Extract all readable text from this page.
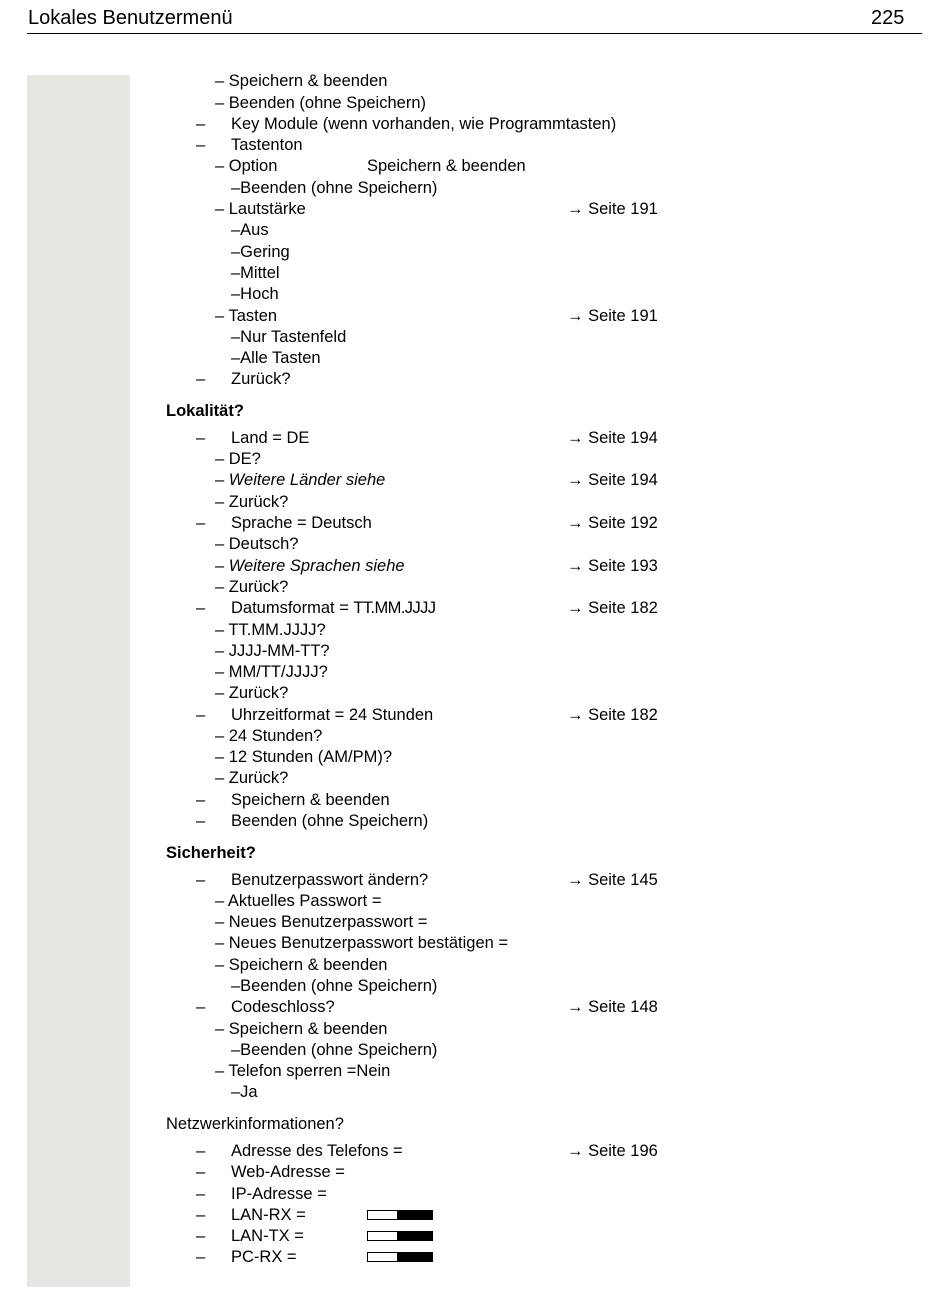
Lokales Benutzermenü	225
– Speichern & beenden
– Beenden (ohne Speichern)
– Key Module (wenn vorhanden, wie Programmtasten)
– Tastenton
– Option	Speichern & beenden
–Beenden (ohne Speichern)
– Lautstärke	→ Seite 191
–Aus
–Gering
–Mittel
–Hoch
– Tasten	→ Seite 191
–Nur Tastenfeld
–Alle Tasten
– Zurück?
Lokalität?
– Land = DE	→ Seite 194
– DE?
– Weitere Länder siehe	→ Seite 194
– Zurück?
– Sprache = Deutsch	→ Seite 192
– Deutsch?
– Weitere Sprachen siehe	→ Seite 193
– Zurück?
– Datumsformat = TT.MM.JJJJ	→ Seite 182
– TT.MM.JJJJ?
– JJJJ-MM-TT?
– MM/TT/JJJJ?
– Zurück?
– Uhrzeitformat = 24 Stunden	→ Seite 182
– 24 Stunden?
– 12 Stunden (AM/PM)?
– Zurück?
– Speichern & beenden
– Beenden (ohne Speichern)
Sicherheit?
– Benutzerpasswort ändern?	→ Seite 145
– Aktuelles Passwort =
– Neues Benutzerpasswort =
– Neues Benutzerpasswort bestätigen =
– Speichern & beenden
–Beenden (ohne Speichern)
– Codeschloss?	→ Seite 148
– Speichern & beenden
–Beenden (ohne Speichern)
– Telefon sperren =Nein
–Ja
Netzwerkinformationen?
– Adresse des Telefons =	→ Seite 196
– Web-Adresse =
– IP-Adresse =
– LAN-RX =
– LAN-TX =
– PC-RX =
